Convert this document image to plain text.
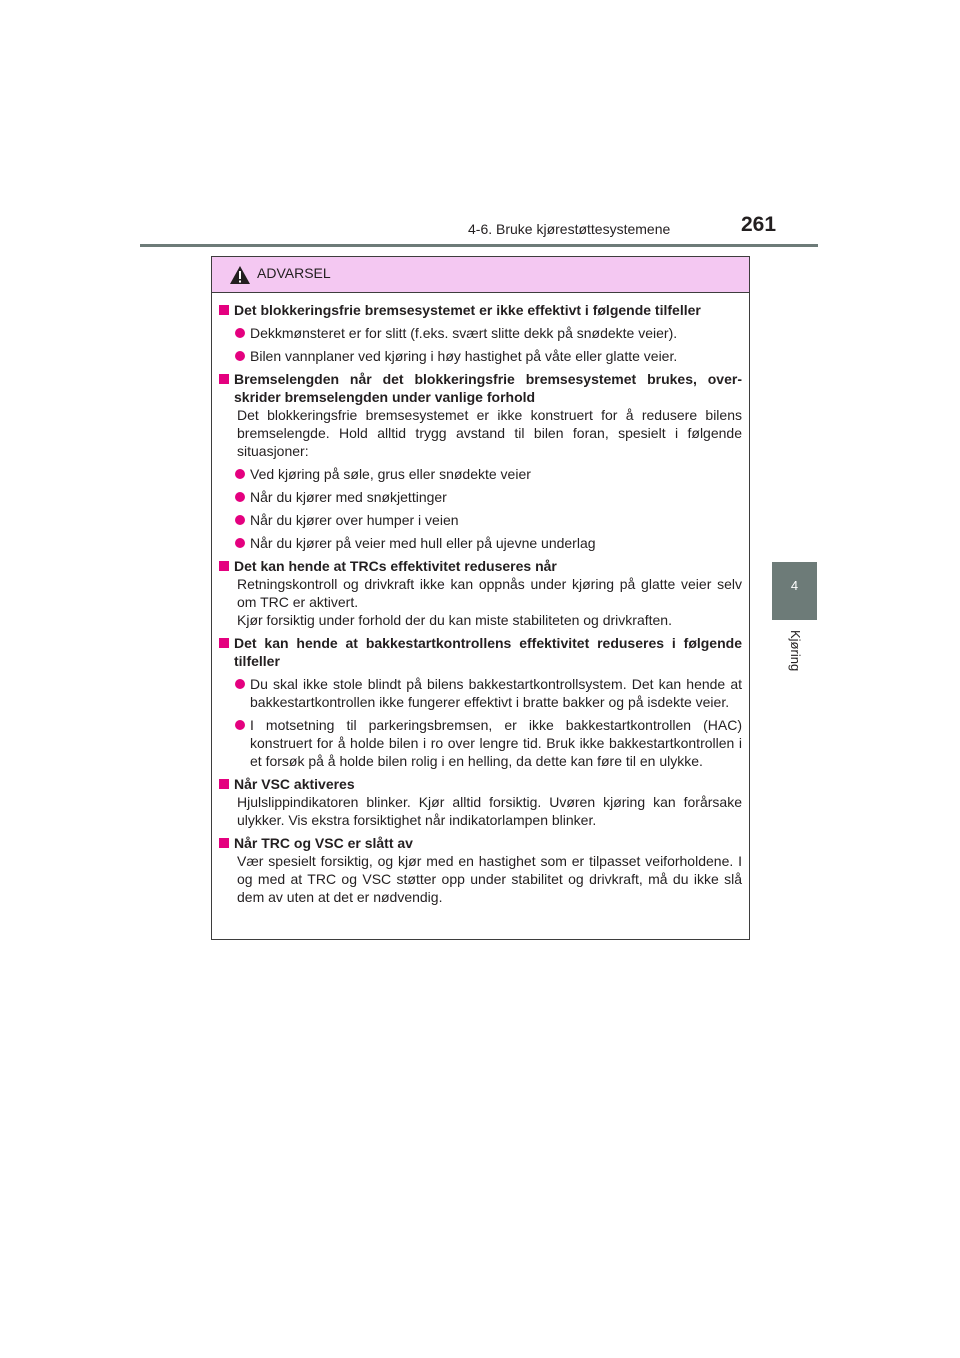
4-6. Bruke kjørestøttesystemene	261
4
Kjøring
ADVARSEL
Det blokkeringsfrie bremsesystemet er ikke effektivt i følgende tilfeller
Dekkmønsteret er for slitt (f.eks. svært slitte dekk på snødekte veier).
Bilen vannplaner ved kjøring i høy hastighet på våte eller glatte veier.
Bremselengden når det blokkeringsfrie bremsesystemet brukes, over-skrider bremselengden under vanlige forhold
Det blokkeringsfrie bremsesystemet er ikke konstruert for å redusere bilens bremselengde. Hold alltid trygg avstand til bilen foran, spesielt i følgende situasjoner:
Ved kjøring på søle, grus eller snødekte veier
Når du kjører med snøkjettinger
Når du kjører over humper i veien
Når du kjører på veier med hull eller på ujevne underlag
Det kan hende at TRCs effektivitet reduseres når
Retningskontroll og drivkraft ikke kan oppnås under kjøring på glatte veier selv om TRC er aktivert.
Kjør forsiktig under forhold der du kan miste stabiliteten og drivkraften.
Det kan hende at bakkestartkontrollens effektivitet reduseres i følgende tilfeller
Du skal ikke stole blindt på bilens bakkestartkontrollsystem. Det kan hende at bakkestartkontrollen ikke fungerer effektivt i bratte bakker og på isdekte veier.
I motsetning til parkeringsbremsen, er ikke bakkestartkontrollen (HAC) konstruert for å holde bilen i ro over lengre tid. Bruk ikke bakkestartkontrollen i et forsøk på å holde bilen rolig i en helling, da dette kan føre til en ulykke.
Når VSC aktiveres
Hjulslippindikatoren blinker. Kjør alltid forsiktig. Uvøren kjøring kan forårsake ulykker. Vis ekstra forsiktighet når indikatorlampen blinker.
Når TRC og VSC er slått av
Vær spesielt forsiktig, og kjør med en hastighet som er tilpasset veiforholdene. I og med at TRC og VSC støtter opp under stabilitet og drivkraft, må du ikke slå dem av uten at det er nødvendig.
